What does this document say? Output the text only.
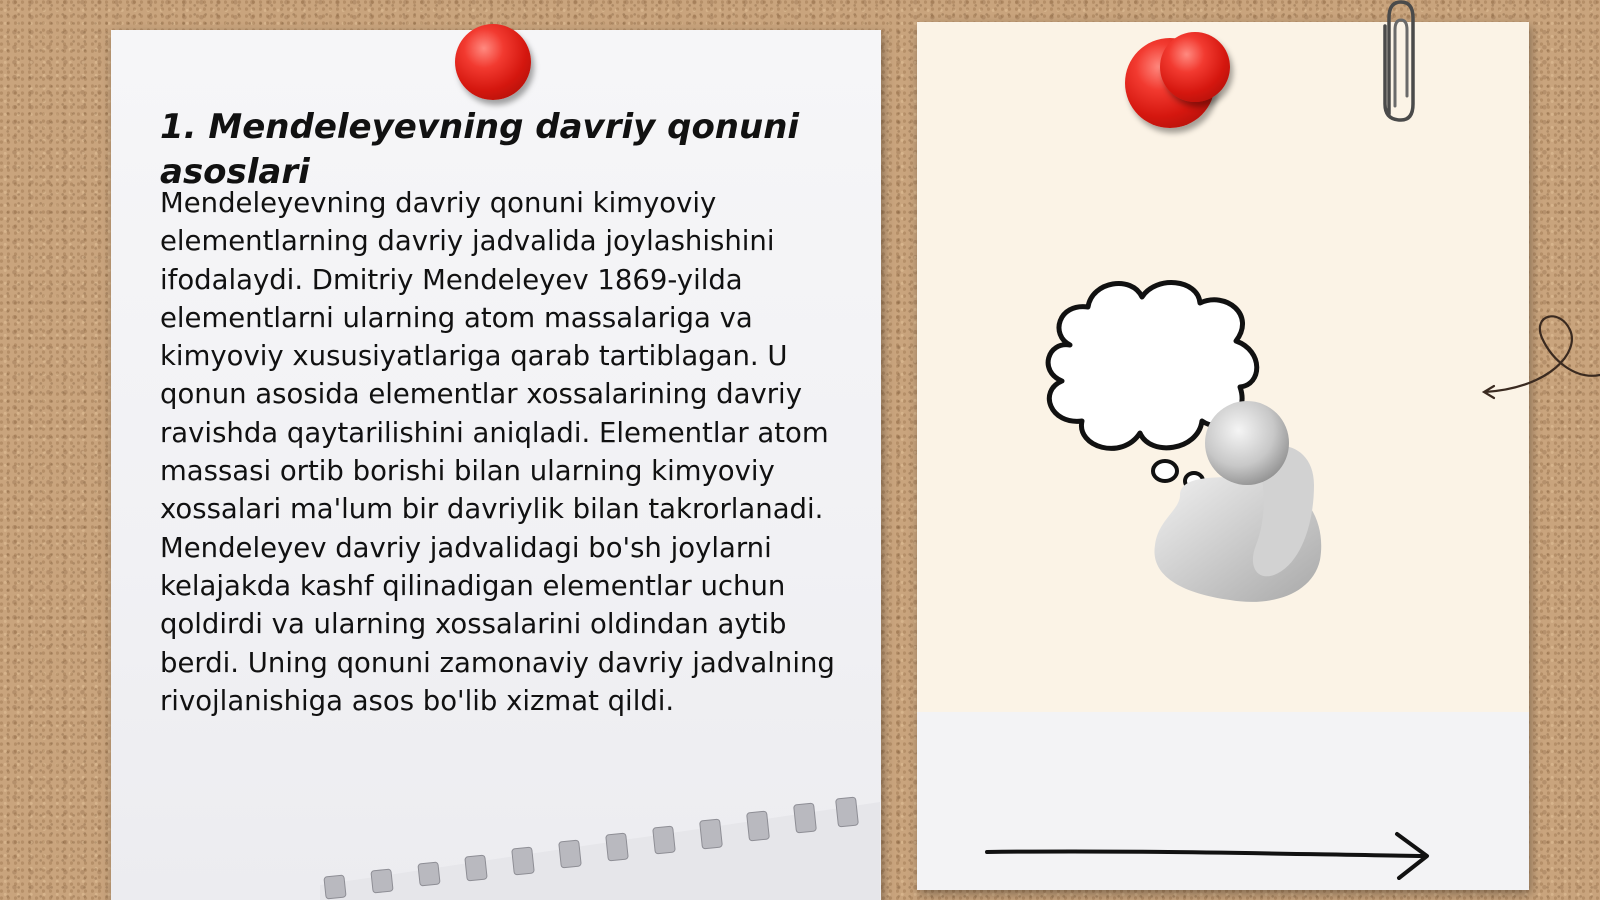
1. Mendeleyevning davriy qonuni asoslari

Mendeleyevning davriy qonuni kimyoviy elementlarning davriy jadvalida joylashishini ifodalaydi. Dmitriy Mendeleyev 1869-yilda elementlarni ularning atom massalariga va kimyoviy xususiyatlariga qarab tartiblagan. U qonun asosida elementlar xossalarining davriy ravishda qaytarilishini aniqladi. Elementlar atom massasi ortib borishi bilan ularning kimyoviy xossalari ma'lum bir davriylik bilan takrorlanadi. Mendeleyev davriy jadvalidagi bo'sh joylarni kelajakda kashf qilinadigan elementlar uchun qoldirdi va ularning xossalarini oldindan aytib berdi. Uning qonuni zamonaviy davriy jadvalning rivojlanishiga asos bo'lib xizmat qildi.
